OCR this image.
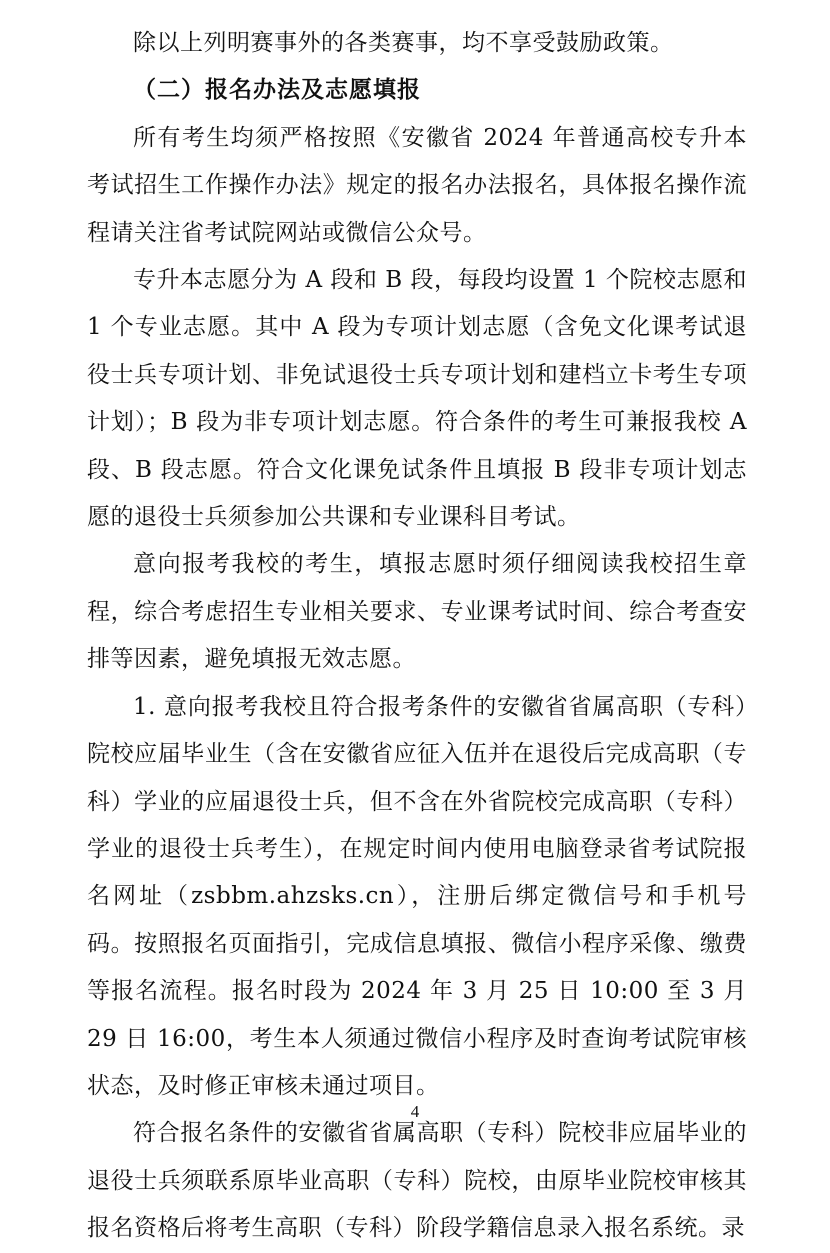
除以上列明赛事外的各类赛事，均不享受鼓励政策。

（二）报名办法及志愿填报

所有考生均须严格按照《安徽省 2024 年普通高校专升本考试招生工作操作办法》规定的报名办法报名，具体报名操作流程请关注省考试院网站或微信公众号。

专升本志愿分为 A 段和 B 段，每段均设置 1 个院校志愿和 1 个专业志愿。其中 A 段为专项计划志愿（含免文化课考试退役士兵专项计划、非免试退役士兵专项计划和建档立卡考生专项计划）；B 段为非专项计划志愿。符合条件的考生可兼报我校 A 段、B 段志愿。符合文化课免试条件且填报 B 段非专项计划志愿的退役士兵须参加公共课和专业课科目考试。

意向报考我校的考生，填报志愿时须仔细阅读我校招生章程，综合考虑招生专业相关要求、专业课考试时间、综合考查安排等因素，避免填报无效志愿。

1. 意向报考我校且符合报考条件的安徽省省属高职（专科）院校应届毕业生（含在安徽省应征入伍并在退役后完成高职（专科）学业的应届退役士兵，但不含在外省院校完成高职（专科）学业的退役士兵考生），在规定时间内使用电脑登录省考试院报名网址（zsbbm.ahzsks.cn），注册后绑定微信号和手机号码。按照报名页面指引，完成信息填报、微信小程序采像、缴费等报名流程。报名时段为 2024 年 3 月 25 日 10:00 至 3 月 29 日 16:00，考生本人须通过微信小程序及时查询考试院审核状态，及时修正审核未通过项目。

符合报名条件的安徽省省属高职（专科）院校非应届毕业的退役士兵须联系原毕业高职（专科）院校，由原毕业院校审核其报名资格后将考生高职（专科）阶段学籍信息录入报名系统。录

4
